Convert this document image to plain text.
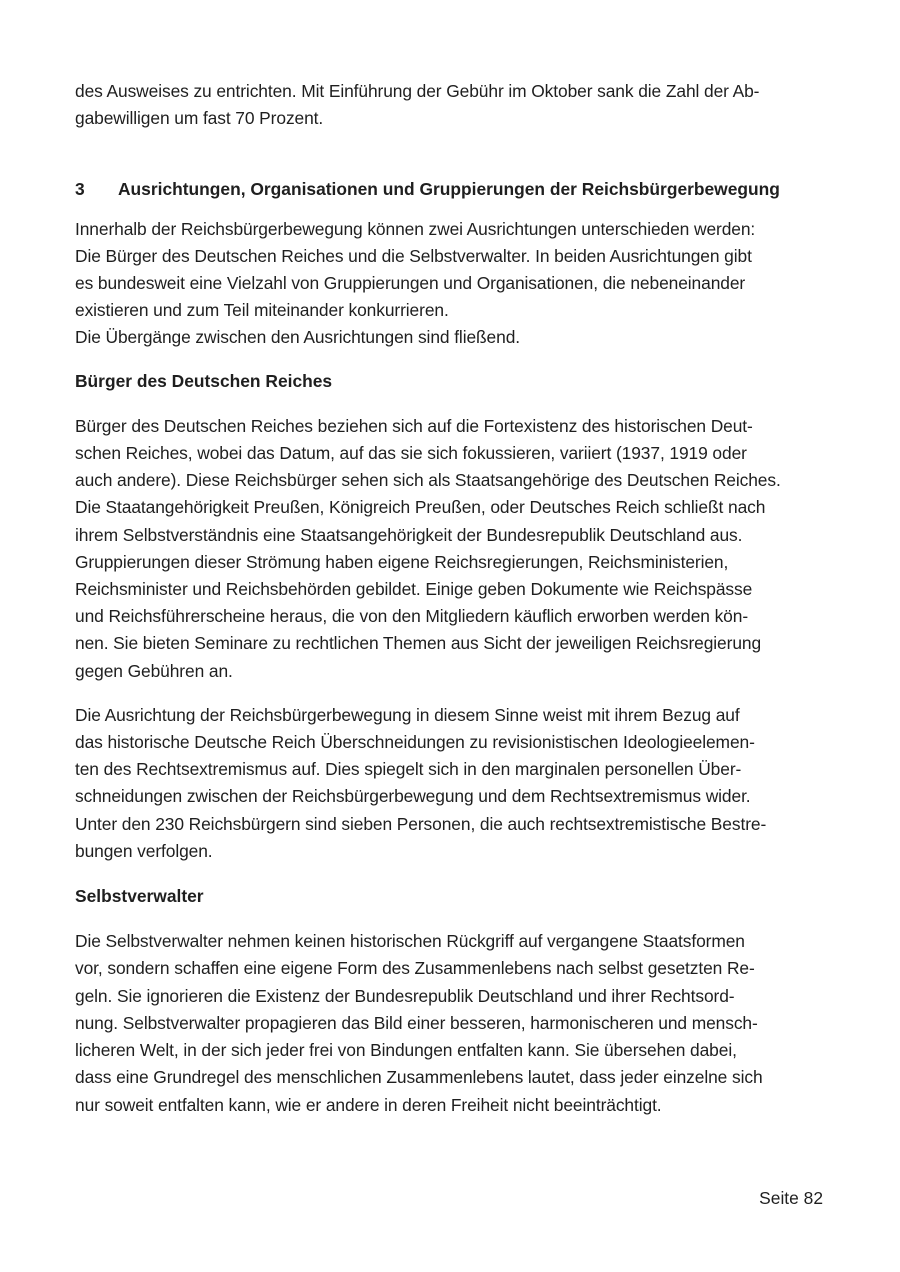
des Ausweises zu entrichten. Mit Einführung der Gebühr im Oktober sank die Zahl der Ab-
gabewilligen um fast 70 Prozent.

3	Ausrichtungen, Organisationen und Gruppierungen der Reichsbürgerbewegung

Innerhalb der Reichsbürgerbewegung können zwei Ausrichtungen unterschieden werden:
Die Bürger des Deutschen Reiches und die Selbstverwalter. In beiden Ausrichtungen gibt
es bundesweit eine Vielzahl von Gruppierungen und Organisationen, die nebeneinander
existieren und zum Teil miteinander konkurrieren.
Die Übergänge zwischen den Ausrichtungen sind fließend.

Bürger des Deutschen Reiches

Bürger des Deutschen Reiches beziehen sich auf die Fortexistenz des historischen Deut-
schen Reiches, wobei das Datum, auf das sie sich fokussieren, variiert (1937, 1919 oder
auch andere). Diese Reichsbürger sehen sich als Staatsangehörige des Deutschen Reiches.
Die Staatangehörigkeit Preußen, Königreich Preußen, oder Deutsches Reich schließt nach
ihrem Selbstverständnis eine Staatsangehörigkeit der Bundesrepublik Deutschland aus.
Gruppierungen dieser Strömung haben eigene Reichsregierungen, Reichsministerien,
Reichsminister und Reichsbehörden gebildet. Einige geben Dokumente wie Reichspässe
und Reichsführerscheine heraus, die von den Mitgliedern käuflich erworben werden kön-
nen. Sie bieten Seminare zu rechtlichen Themen aus Sicht der jeweiligen Reichsregierung
gegen Gebühren an.

Die Ausrichtung der Reichsbürgerbewegung in diesem Sinne weist mit ihrem Bezug auf
das historische Deutsche Reich Überschneidungen zu revisionistischen Ideologieelemen-
ten des Rechtsextremismus auf. Dies spiegelt sich in den marginalen personellen Über-
schneidungen zwischen der Reichsbürgerbewegung und dem Rechtsextremismus wider.
Unter den 230 Reichsbürgern sind sieben Personen, die auch rechtsextremistische Bestre-
bungen verfolgen.

Selbstverwalter

Die Selbstverwalter nehmen keinen historischen Rückgriff auf vergangene Staatsformen
vor, sondern schaffen eine eigene Form des Zusammenlebens nach selbst gesetzten Re-
geln. Sie ignorieren die Existenz der Bundesrepublik Deutschland und ihrer Rechtsord-
nung. Selbstverwalter propagieren das Bild einer besseren, harmonischeren und mensch-
licheren Welt, in der sich jeder frei von Bindungen entfalten kann. Sie übersehen dabei,
dass eine Grundregel des menschlichen Zusammenlebens lautet, dass jeder einzelne sich
nur soweit entfalten kann, wie er andere in deren Freiheit nicht beeinträchtigt.

Seite 82
